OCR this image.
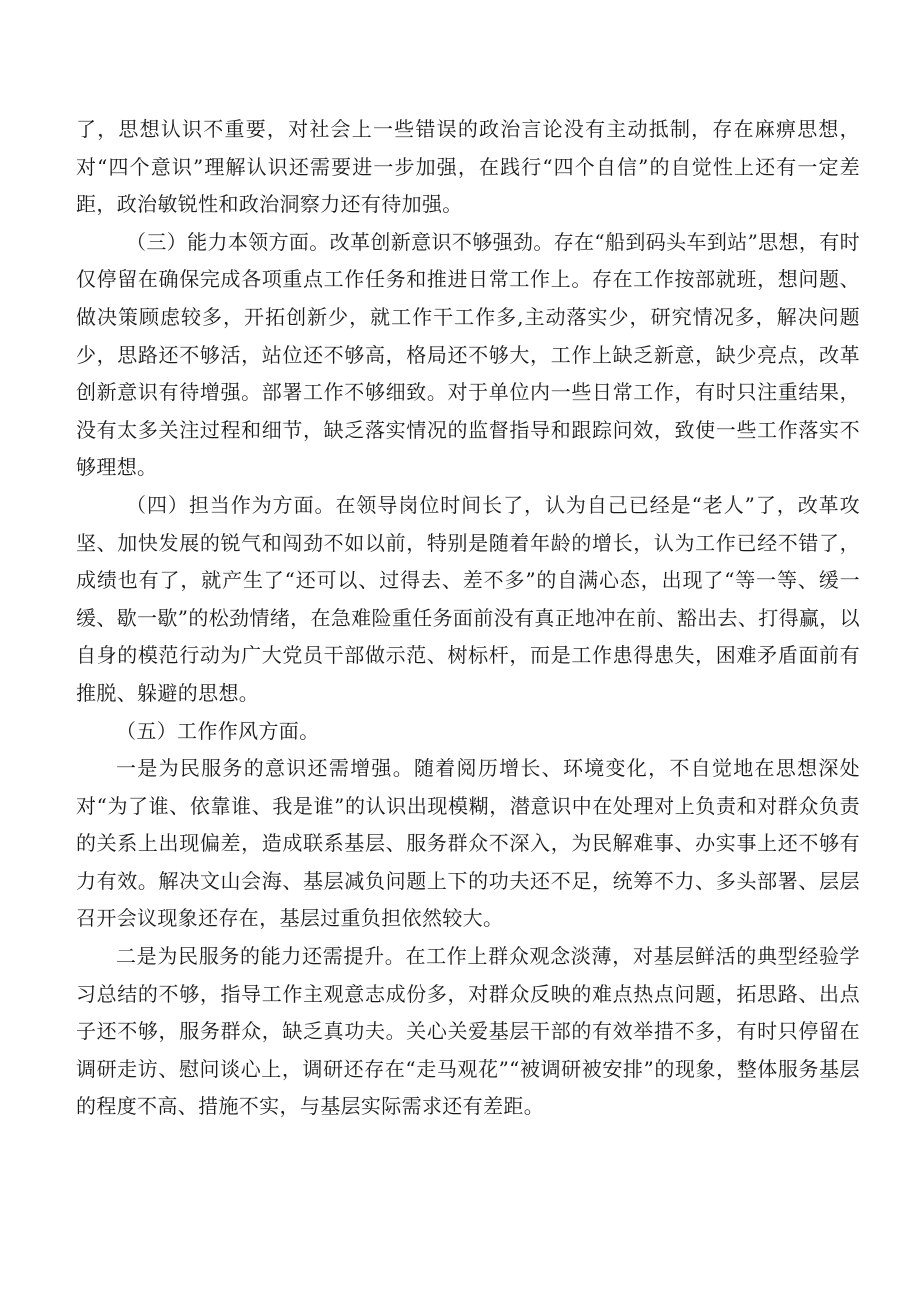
了，思想认识不重要，对社会上一些错误的政治言论没有主动抵制，存在麻痹思想，对“四个意识”理解认识还需要进一步加强，在践行“四个自信”的自觉性上还有一定差距，政治敏锐性和政治洞察力还有待加强。

（三）能力本领方面。改革创新意识不够强劲。存在“船到码头车到站”思想，有时仅停留在确保完成各项重点工作任务和推进日常工作上。存在工作按部就班，想问题、做决策顾虑较多，开拓创新少，就工作干工作多,主动落实少，研究情况多，解决问题少，思路还不够活，站位还不够高，格局还不够大，工作上缺乏新意，缺少亮点，改革创新意识有待增强。部署工作不够细致。对于单位内一些日常工作，有时只注重结果，没有太多关注过程和细节，缺乏落实情况的监督指导和跟踪问效，致使一些工作落实不够理想。

（四）担当作为方面。在领导岗位时间长了，认为自己已经是“老人”了，改革攻坚、加快发展的锐气和闯劲不如以前，特别是随着年龄的增长，认为工作已经不错了，成绩也有了，就产生了“还可以、过得去、差不多”的自满心态，出现了“等一等、缓一缓、歇一歇”的松劲情绪，在急难险重任务面前没有真正地冲在前、豁出去、打得赢，以自身的模范行动为广大党员干部做示范、树标杆，而是工作患得患失，困难矛盾面前有推脱、躲避的思想。

（五）工作作风方面。

一是为民服务的意识还需增强。随着阅历增长、环境变化，不自觉地在思想深处对“为了谁、依靠谁、我是谁”的认识出现模糊，潜意识中在处理对上负责和对群众负责的关系上出现偏差，造成联系基层、服务群众不深入，为民解难事、办实事上还不够有力有效。解决文山会海、基层减负问题上下的功夫还不足，统筹不力、多头部署、层层召开会议现象还存在，基层过重负担依然较大。

二是为民服务的能力还需提升。在工作上群众观念淡薄，对基层鲜活的典型经验学习总结的不够，指导工作主观意志成份多，对群众反映的难点热点问题，拓思路、出点子还不够，服务群众，缺乏真功夫。关心关爱基层干部的有效举措不多，有时只停留在调研走访、慰问谈心上，调研还存在“走马观花”“被调研被安排”的现象，整体服务基层的程度不高、措施不实，与基层实际需求还有差距。
